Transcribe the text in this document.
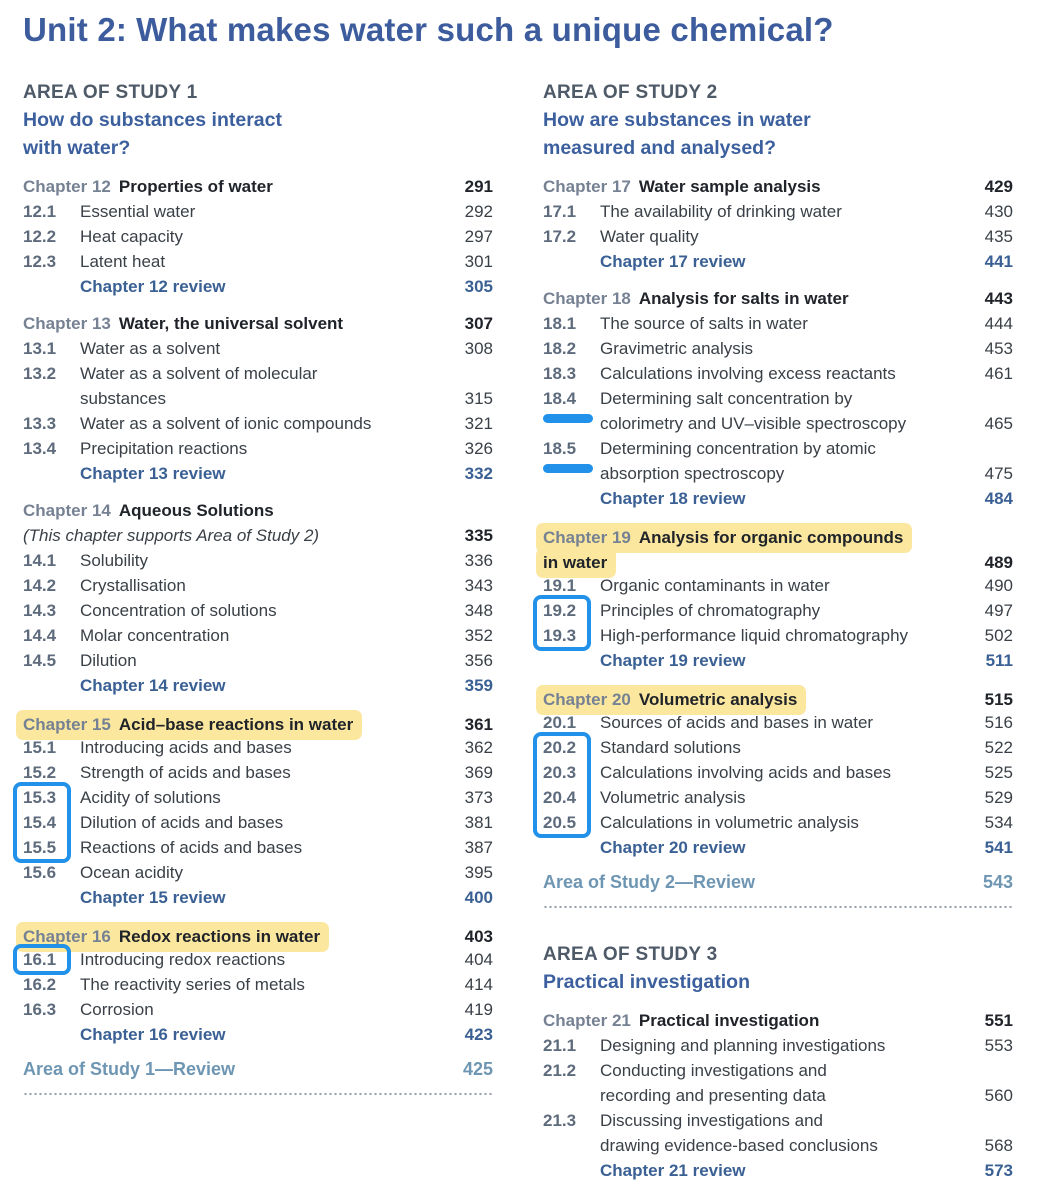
Unit 2: What makes water such a unique chemical?
AREA OF STUDY 1
How do substances interact
with water?
Chapter 12 Properties of water	291
12.1	Essential water	292
12.2	Heat capacity	297
12.3	Latent heat	301
Chapter 12 review	305
Chapter 13 Water, the universal solvent	307
13.1	Water as a solvent	308
13.2	Water as a solvent of molecular
substances	315
13.3	Water as a solvent of ionic compounds	321
13.4	Precipitation reactions	326
Chapter 13 review	332
Chapter 14 Aqueous Solutions
(This chapter supports Area of Study 2)	335
14.1	Solubility	336
14.2	Crystallisation	343
14.3	Concentration of solutions	348
14.4	Molar concentration	352
14.5	Dilution	356
Chapter 14 review	359
Chapter 15 Acid–base reactions in water	361
15.1	Introducing acids and bases	362
15.2	Strength of acids and bases	369
15.3	Acidity of solutions	373
15.4	Dilution of acids and bases	381
15.5	Reactions of acids and bases	387
15.6	Ocean acidity	395
Chapter 15 review	400
Chapter 16 Redox reactions in water	403
16.1	Introducing redox reactions	404
16.2	The reactivity series of metals	414
16.3	Corrosion	419
Chapter 16 review	423
Area of Study 1—Review	425
AREA OF STUDY 2
How are substances in water
measured and analysed?
Chapter 17 Water sample analysis	429
17.1	The availability of drinking water	430
17.2	Water quality	435
Chapter 17 review	441
Chapter 18 Analysis for salts in water	443
18.1	The source of salts in water	444
18.2	Gravimetric analysis	453
18.3	Calculations involving excess reactants	461
18.4	Determining salt concentration by
colorimetry and UV–visible spectroscopy	465
18.5	Determining concentration by atomic
absorption spectroscopy	475
Chapter 18 review	484
Chapter 19 Analysis for organic compounds
in water	489
19.1	Organic contaminants in water	490
19.2	Principles of chromatography	497
19.3	High-performance liquid chromatography	502
Chapter 19 review	511
Chapter 20 Volumetric analysis	515
20.1	Sources of acids and bases in water	516
20.2	Standard solutions	522
20.3	Calculations involving acids and bases	525
20.4	Volumetric analysis	529
20.5	Calculations in volumetric analysis	534
Chapter 20 review	541
Area of Study 2—Review	543
AREA OF STUDY 3
Practical investigation
Chapter 21 Practical investigation	551
21.1	Designing and planning investigations	553
21.2	Conducting investigations and
recording and presenting data	560
21.3	Discussing investigations and
drawing evidence-based conclusions	568
Chapter 21 review	573
